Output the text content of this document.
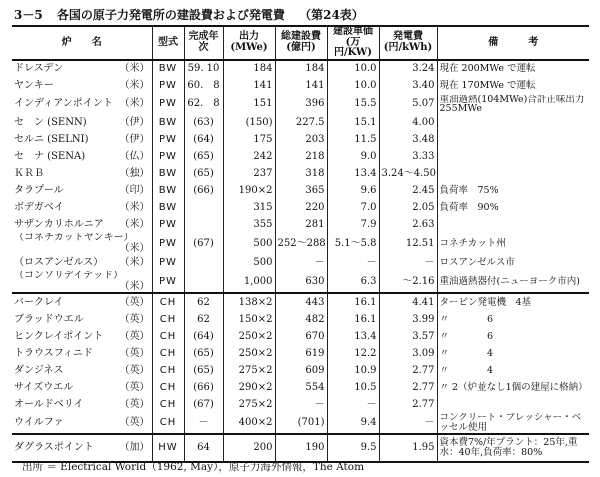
3－5 各国の原子力発電所の建設費および発電費 （第24表）
炉　　名	型式	完成年次	出力(MWe)	総建設費(億円)	建設単価(万円/KW)	発電費(円/kWh)	備　　　考

ドレスデン （米）	BW	59. 10	184	184	10.0	3.24	現在 200MWe で運転

ヤンキー （米）	PW	60.　8	141	141	10.0	3.40	現在 170MWe で運転

インディアンポイント （米）	PW	62.　8	151	396	15.5	5.07	重油過熱(104MWe)合計正味出力255MWe

セ　ン (SENN) （伊）	BW	(63)	(150)	227.5	15.1	4.00	

セルニ (SELNI) （伊）	PW	(64)	175	203	11.5	3.48	

セ　ナ (SENA) （仏）	PW	(65)	242	218	9.0	3.33	

ＫＲＢ （独）	BW	(65)	237	318	13.4	3.24～4.50	

タラプール （印）	BW	(66)	190×2	365	9.6	2.45	負荷率　75%

ボデガベイ （米）	BW		315	220	7.0	2.05	負荷率　90%

サザンカリホルニア （米）	PW		355	281	7.9	2.63	

（コネチカットヤンキー）
（米）	PW	(67)	500	252～288	5.1～5.8	12.51	コネチカット州

（ロスアンゼルス） （米）	PW		500	－	－	－	ロスアンゼルス市

（コンソリデイテッド）
（米）	PW		1,000	630	6.3	～2.16	重油過熱器付(ニューヨーク市内)

バークレイ （英）	CH	62	138×2	443	16.1	4.41	タービン発電機　4基

ブラッドウエル （英）	CH	62	150×2	482	16.1	3.99	〃　　　　6

ヒンクレイポイント （英）	CH	(64)	250×2	670	13.4	3.57	〃　　　　6

トラウスフィニド （英）	CH	(65)	250×2	619	12.2	3.09	〃　　　　4

ダンジネス （英）	CH	(65)	275×2	609	10.9	2.77	〃　　　　4

サイズウエル （英）	CH	(66)	290×2	554	10.5	2.77	〃 2（炉並なし1個の建屋に格納）

オールドベリイ （英）	CH	(67)	275×2	－	－	2.77	

ウイルファ （英）	CH	－	400×2	(701)	9.4	－	コンクリート・プレッシャー・ベッセル使用

ダグラスポイント （加）	HW	64	200	190	9.5	1.95	資本費7%/年プラント：25年,重水：40年,負荷率：80%
出所 ＝ Electrical World（1962, May），原子力海外情報，The Atom
